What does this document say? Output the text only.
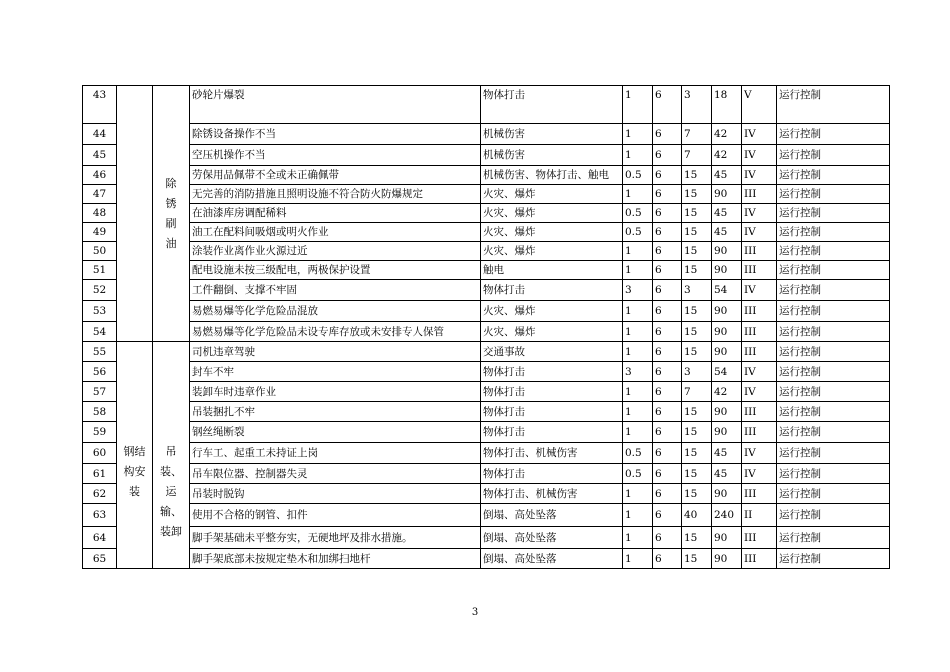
43		除锈刷油	砂轮片爆裂	物体打击	1	6	3	18	V	运行控制
44			除锈设备操作不当	机械伤害	1	6	7	42	IV	运行控制
45			空压机操作不当	机械伤害	1	6	7	42	IV	运行控制
46			劳保用品佩带不全或未正确佩带	机械伤害、物体打击、触电	0.5	6	15	45	IV	运行控制
47			无完善的消防措施且照明设施不符合防火防爆规定	火灾、爆炸	1	6	15	90	III	运行控制
48			在油漆库房调配稀料	火灾、爆炸	0.5	6	15	45	IV	运行控制
49			油工在配料间吸烟或明火作业	火灾、爆炸	0.5	6	15	45	IV	运行控制
50			涂装作业离作业火源过近	火灾、爆炸	1	6	15	90	III	运行控制
51			配电设施未按三级配电，两极保护设置	触电	1	6	15	90	III	运行控制
52			工件翻倒、支撑不牢固	物体打击	3	6	3	54	IV	运行控制
53			易燃易爆等化学危险品混放	火灾、爆炸	1	6	15	90	III	运行控制
54			易燃易爆等化学危险品未设专库存放或未安排专人保管	火灾、爆炸	1	6	15	90	III	运行控制
55	钢结构安装	吊装、运输、装卸	司机违章驾驶	交通事故	1	6	15	90	III	运行控制
56			封车不牢	物体打击	3	6	3	54	IV	运行控制
57			装卸车时违章作业	物体打击	1	6	7	42	IV	运行控制
58			吊装捆扎不牢	物体打击	1	6	15	90	III	运行控制
59			钢丝绳断裂	物体打击	1	6	15	90	III	运行控制
60			行车工、起重工未持证上岗	物体打击、机械伤害	0.5	6	15	45	IV	运行控制
61			吊车限位器、控制器失灵	物体打击	0.5	6	15	45	IV	运行控制
62			吊装时脱钩	物体打击、机械伤害	1	6	15	90	III	运行控制
63			使用不合格的钢管、扣件	倒塌、高处坠落	1	6	40	240	II	运行控制
64			脚手架基础未平整夯实，无硬地坪及排水措施。	倒塌、高处坠落	1	6	15	90	III	运行控制
65			脚手架底部未按规定垫木和加绑扫地杆	倒塌、高处坠落	1	6	15	90	III	运行控制
3
